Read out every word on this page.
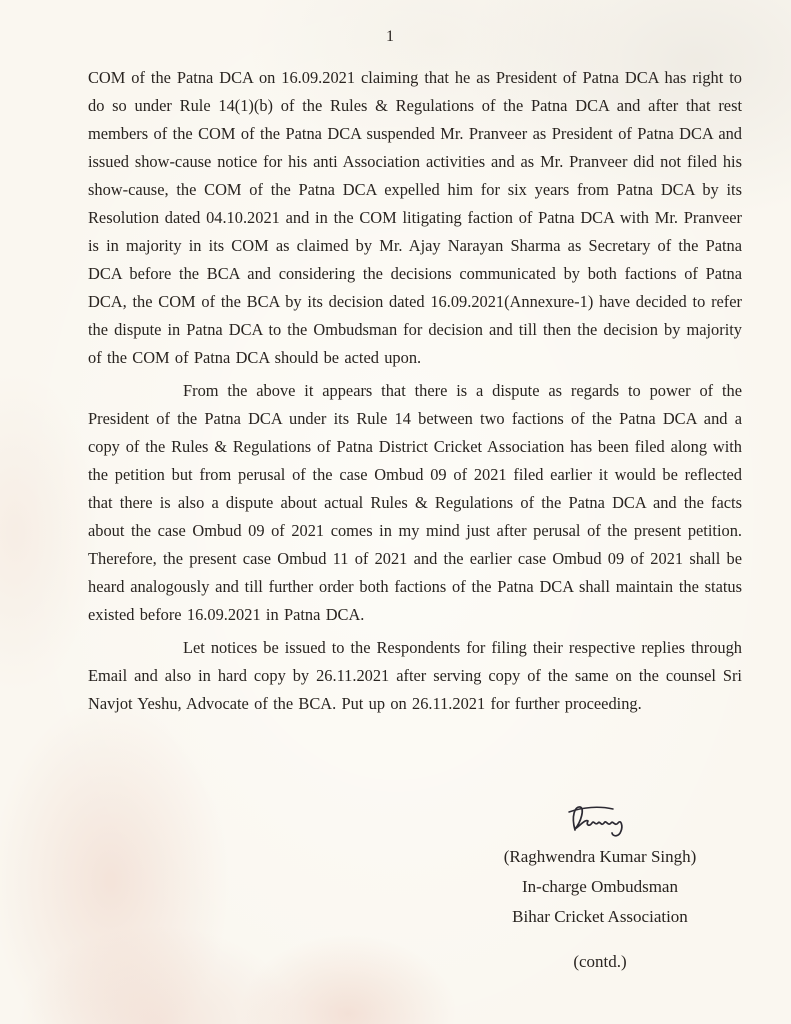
1

COM of the Patna DCA on 16.09.2021 claiming that he as President of Patna DCA has right to do so under Rule 14(1)(b) of the Rules & Regulations of the Patna DCA and after that rest members of the COM of the Patna DCA suspended Mr. Pranveer as President of Patna DCA and issued show-cause notice for his anti Association activities and as Mr. Pranveer did not filed his show-cause, the COM of the Patna DCA expelled him for six years from Patna DCA by its Resolution dated 04.10.2021 and in the COM litigating faction of Patna DCA with Mr. Pranveer is in majority in its COM as claimed by Mr. Ajay Narayan Sharma as Secretary of the Patna DCA before the BCA and considering the decisions communicated by both factions of Patna DCA, the COM of the BCA by its decision dated 16.09.2021(Annexure-1) have decided to refer the dispute in Patna DCA to the Ombudsman for decision and till then the decision by majority of the COM of Patna DCA should be acted upon.

From the above it appears that there is a dispute as regards to power of the President of the Patna DCA under its Rule 14 between two factions of the Patna DCA and a copy of the Rules & Regulations of Patna District Cricket Association has been filed along with the petition but from perusal of the case Ombud 09 of 2021 filed earlier it would be reflected that there is also a dispute about actual Rules & Regulations of the Patna DCA and the facts about the case Ombud 09 of 2021 comes in my mind just after perusal of the present petition. Therefore, the present case Ombud 11 of 2021 and the earlier case Ombud 09 of 2021 shall be heard analogously and till further order both factions of the Patna DCA shall maintain the status existed before 16.09.2021 in Patna DCA.

Let notices be issued to the Respondents for filing their respective replies through Email and also in hard copy by 26.11.2021 after serving copy of the same on the counsel Sri Navjot Yeshu, Advocate of the BCA. Put up on 26.11.2021 for further proceeding.

(Raghwendra Kumar Singh)
In-charge Ombudsman
Bihar Cricket Association
(contd.)
